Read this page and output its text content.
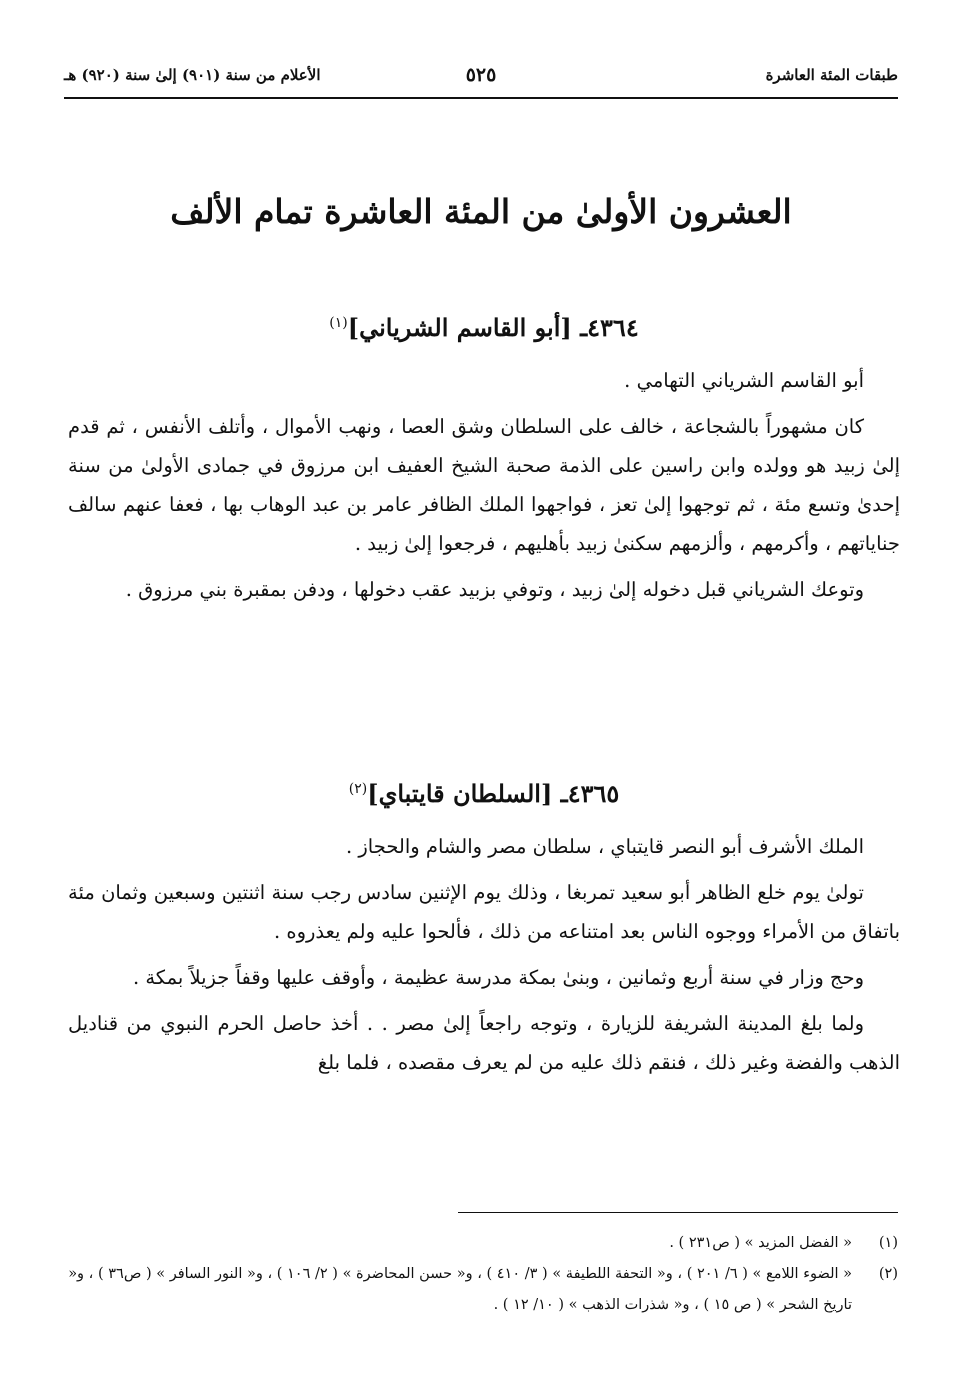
طبقات المئة العاشرة
٥٢٥
الأعلام من سنة (٩٠١) إلىٰ سنة (٩٢٠) هـ
العشرون الأولىٰ من المئة العاشرة تمام الألف
٤٣٦٤ـ [أبو القاسم الشرياني]$^{(١)}$

أبو القاسم الشرياني التهامي .

كان مشهوراً بالشجاعة ، خالف على السلطان وشق العصا ، ونهب الأموال ، وأتلف الأنفس ، ثم قدم إلىٰ زبيد هو وولده وابن راسين على الذمة صحبة الشيخ العفيف ابن مرزوق في جمادى الأولىٰ من سنة إحدىٰ وتسع مئة ، ثم توجهوا إلىٰ تعز ، فواجهوا الملك الظافر عامر بن عبد الوهاب بها ، فعفا عنهم سالف جناياتهم ، وأكرمهم ، وألزمهم سكنىٰ زبيد بأهليهم ، فرجعوا إلىٰ زبيد .

وتوعك الشرياني قبل دخوله إلىٰ زبيد ، وتوفي بزبيد عقب دخولها ، ودفن بمقبرة بني مرزوق .

٤٣٦٥ـ [السلطان قايتباي]$^{(٢)}$

الملك الأشرف أبو النصر قايتباي ، سلطان مصر والشام والحجاز .

تولىٰ يوم خلع الظاهر أبو سعيد تمربغا ، وذلك يوم الإثنين سادس رجب سنة اثنتين وسبعين وثمان مئة باتفاق من الأمراء ووجوه الناس بعد امتناعه من ذلك ، فألحوا عليه ولم يعذروه .

وحج وزار في سنة أربع وثمانين ، وبنىٰ بمكة مدرسة عظيمة ، وأوقف عليها وقفاً جزيلاً بمكة .

ولما بلغ المدينة الشريفة للزيارة ، وتوجه راجعاً إلىٰ مصر . . أخذ حاصل الحرم النبوي من قناديل الذهب والفضة وغير ذلك ، فنقم ذلك عليه من لم يعرف مقصده ، فلما بلغ

(١)
« الفضل المزيد » ( ص٢٣١ ) .
(٢)
« الضوء اللامع » ( ٦/ ٢٠١ ) ، و« التحفة اللطيفة » ( ٣/ ٤١٠ ) ، و« حسن المحاضرة » ( ٢/ ١٠٦ ) ، و« النور السافر » ( ص٣٦ ) ، و« تاريخ الشحر » ( ص ١٥ ) ، و« شذرات الذهب » ( ١٠/ ١٢ ) .
